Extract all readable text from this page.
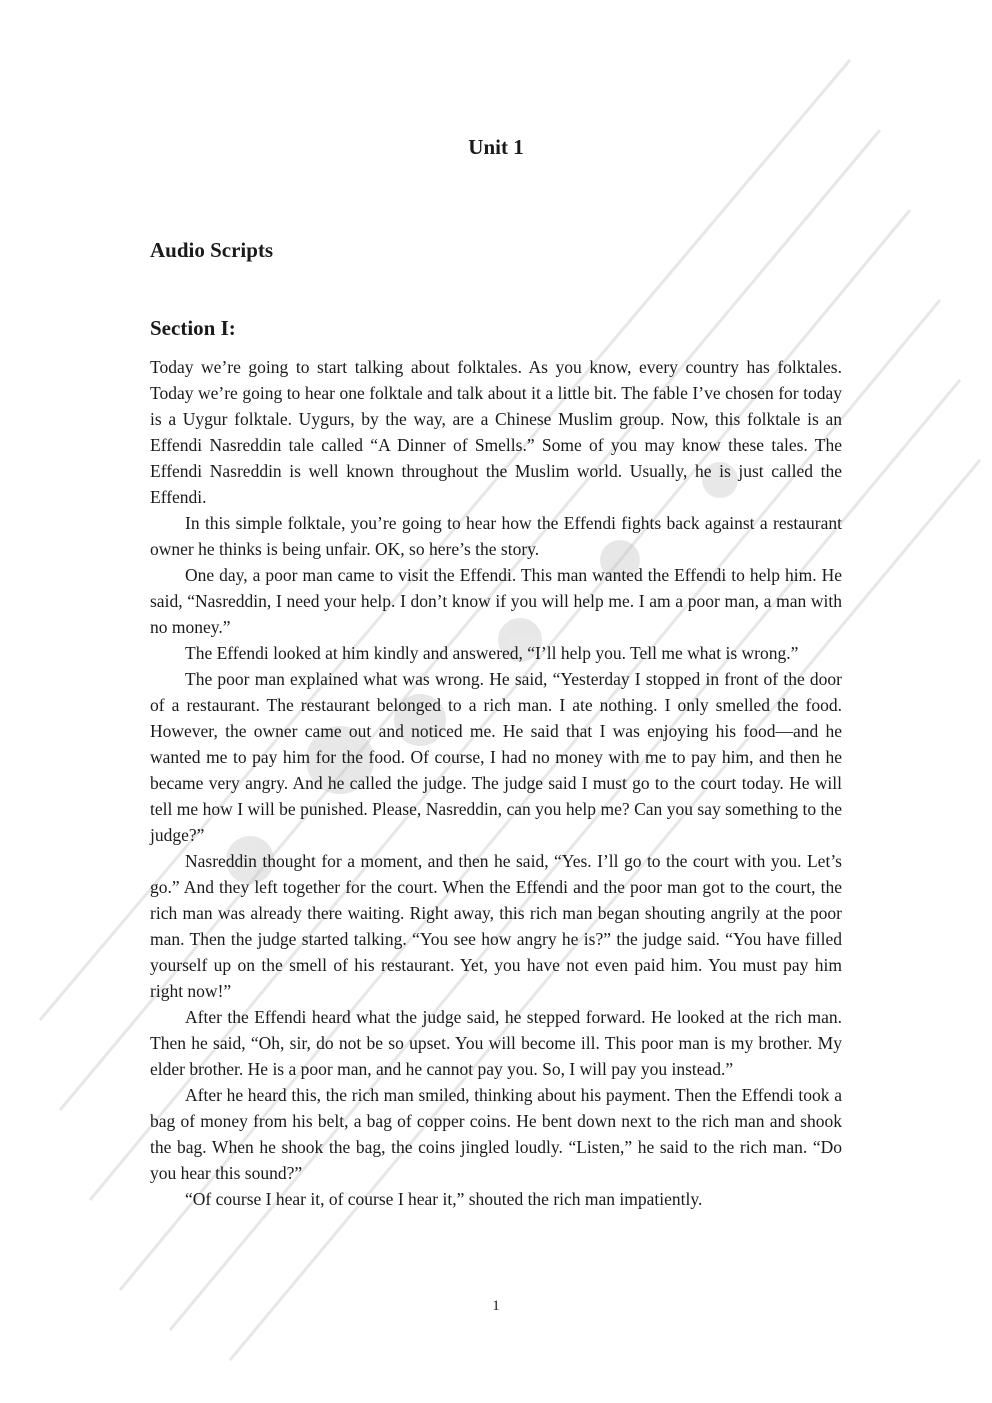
Unit 1
Audio Scripts
Section I:

Today we’re going to start talking about folktales. As you know, every country has folktales. Today we’re going to hear one folktale and talk about it a little bit. The fable I’ve chosen for today is a Uygur folktale. Uygurs, by the way, are a Chinese Muslim group. Now, this folktale is an Effendi Nasreddin tale called “A Dinner of Smells.” Some of you may know these tales. The Effendi Nasreddin is well known throughout the Muslim world. Usually, he is just called the Effendi.

In this simple folktale, you’re going to hear how the Effendi fights back against a restaurant owner he thinks is being unfair. OK, so here’s the story.

One day, a poor man came to visit the Effendi. This man wanted the Effendi to help him. He said, “Nasreddin, I need your help. I don’t know if you will help me. I am a poor man, a man with no money.”

The Effendi looked at him kindly and answered, “I’ll help you. Tell me what is wrong.”

The poor man explained what was wrong. He said, “Yesterday I stopped in front of the door of a restaurant. The restaurant belonged to a rich man. I ate nothing. I only smelled the food. However, the owner came out and noticed me. He said that I was enjoying his food—and he wanted me to pay him for the food. Of course, I had no money with me to pay him, and then he became very angry. And he called the judge. The judge said I must go to the court today. He will tell me how I will be punished. Please, Nasreddin, can you help me? Can you say something to the judge?”

Nasreddin thought for a moment, and then he said, “Yes. I’ll go to the court with you. Let’s go.” And they left together for the court. When the Effendi and the poor man got to the court, the rich man was already there waiting. Right away, this rich man began shouting angrily at the poor man. Then the judge started talking. “You see how angry he is?” the judge said. “You have filled yourself up on the smell of his restaurant. Yet, you have not even paid him. You must pay him right now!”

After the Effendi heard what the judge said, he stepped forward. He looked at the rich man. Then he said, “Oh, sir, do not be so upset. You will become ill. This poor man is my brother. My elder brother. He is a poor man, and he cannot pay you. So, I will pay you instead.”

After he heard this, the rich man smiled, thinking about his payment. Then the Effendi took a bag of money from his belt, a bag of copper coins. He bent down next to the rich man and shook the bag. When he shook the bag, the coins jingled loudly. “Listen,” he said to the rich man. “Do you hear this sound?”

“Of course I hear it, of course I hear it,” shouted the rich man impatiently.

1
